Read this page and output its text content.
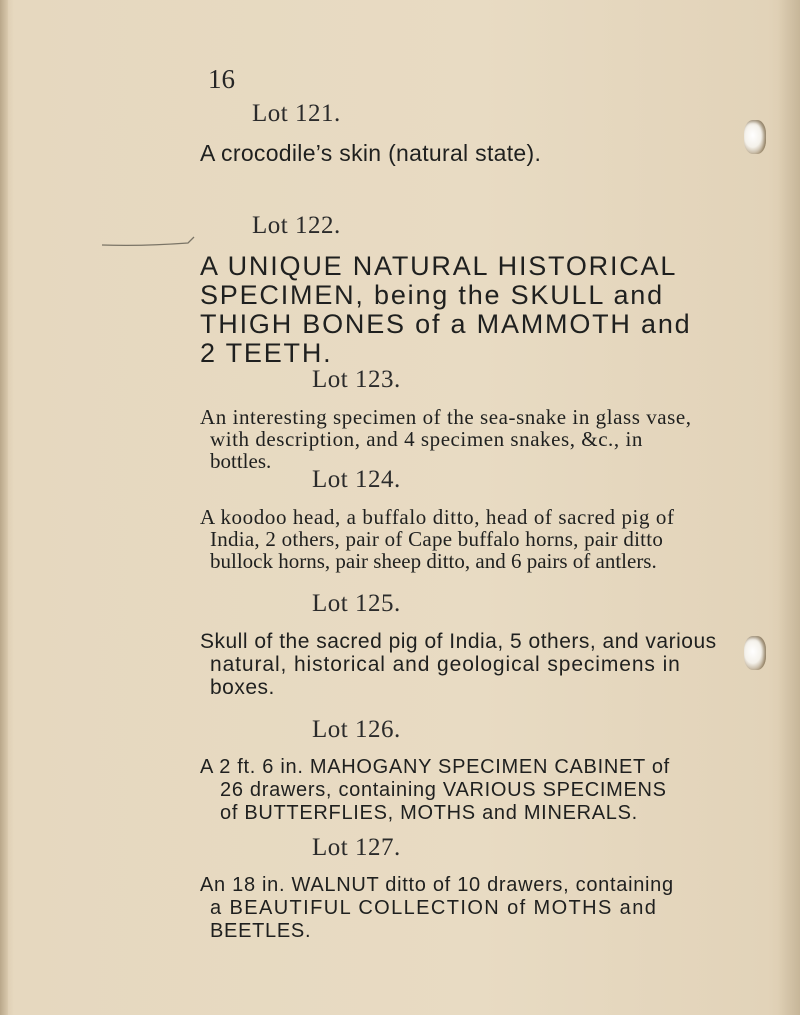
16
Lot 121.
A crocodile’s skin (natural state).
Lot 122.
A UNIQUE NATURAL HISTORICAL
SPECIMEN, being the SKULL and
THIGH BONES of a MAMMOTH and
2 TEETH.
Lot 123.
An interesting specimen of the sea-snake in glass vase,
with description, and 4 specimen snakes, &c., in
bottles.
Lot 124.
A koodoo head, a buffalo ditto, head of sacred pig of
India, 2 others, pair of Cape buffalo horns, pair ditto
bullock horns, pair sheep ditto, and 6 pairs of antlers.
Lot 125.
Skull of the sacred pig of India, 5 others, and various
natural, historical and geological specimens in
boxes.
Lot 126.
A 2 ft. 6 in. MAHOGANY SPECIMEN CABINET of
26 drawers, containing VARIOUS SPECIMENS
of BUTTERFLIES, MOTHS and MINERALS.
Lot 127.
An 18 in. WALNUT ditto of 10 drawers, containing
a BEAUTIFUL COLLECTION of MOTHS and
BEETLES.
